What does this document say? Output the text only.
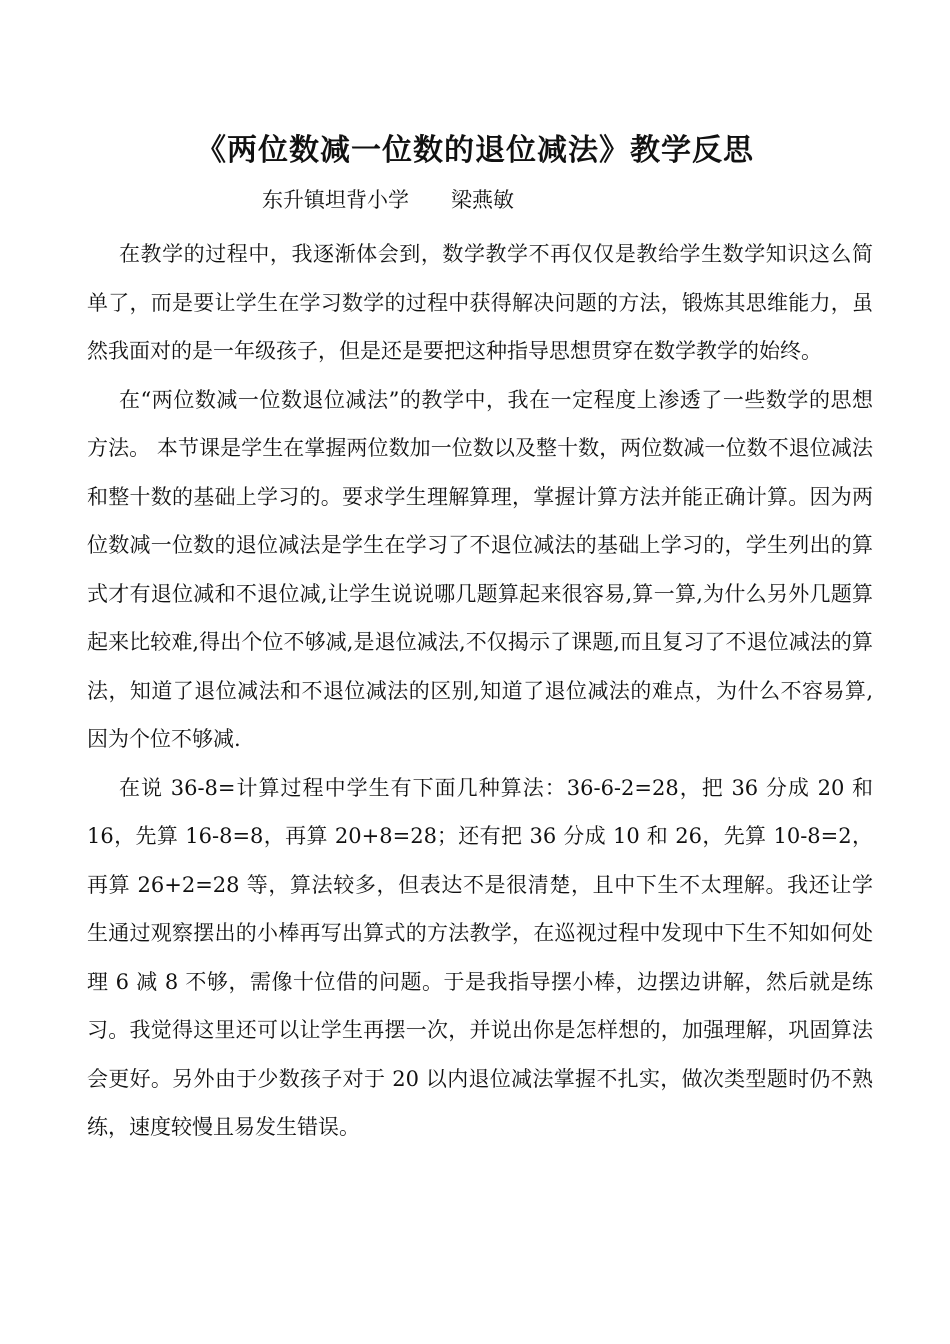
《两位数减一位数的退位减法》教学反思
东升镇坦背小学 梁燕敏

在教学的过程中，我逐渐体会到，数学教学不再仅仅是教给学生数学知识这么简单了，而是要让学生在学习数学的过程中获得解决问题的方法，锻炼其思维能力，虽然我面对的是一年级孩子，但是还是要把这种指导思想贯穿在数学教学的始终。

在“两位数减一位数退位减法”的教学中，我在一定程度上渗透了一些数学的思想方法。 本节课是学生在掌握两位数加一位数以及整十数，两位数减一位数不退位减法和整十数的基础上学习的。要求学生理解算理，掌握计算方法并能正确计算。因为两位数减一位数的退位减法是学生在学习了不退位减法的基础上学习的，学生列出的算式才有退位减和不退位减,让学生说说哪几题算起来很容易,算一算,为什么另外几题算起来比较难,得出个位不够减,是退位减法,不仅揭示了课题,而且复习了不退位减法的算法，知道了退位减法和不退位减法的区别,知道了退位减法的难点，为什么不容易算,因为个位不够减.

在说 36-8=计算过程中学生有下面几种算法：36-6-2=28，把 36 分成 20 和 16，先算 16-8=8，再算 20+8=28；还有把 36 分成 10 和 26，先算 10-8=2，再算 26+2=28 等，算法较多，但表达不是很清楚，且中下生不太理解。我还让学生通过观察摆出的小棒再写出算式的方法教学，在巡视过程中发现中下生不知如何处理 6 减 8 不够，需像十位借的问题。于是我指导摆小棒，边摆边讲解，然后就是练习。我觉得这里还可以让学生再摆一次，并说出你是怎样想的，加强理解，巩固算法会更好。另外由于少数孩子对于 20 以内退位减法掌握不扎实，做次类型题时仍不熟练，速度较慢且易发生错误。
